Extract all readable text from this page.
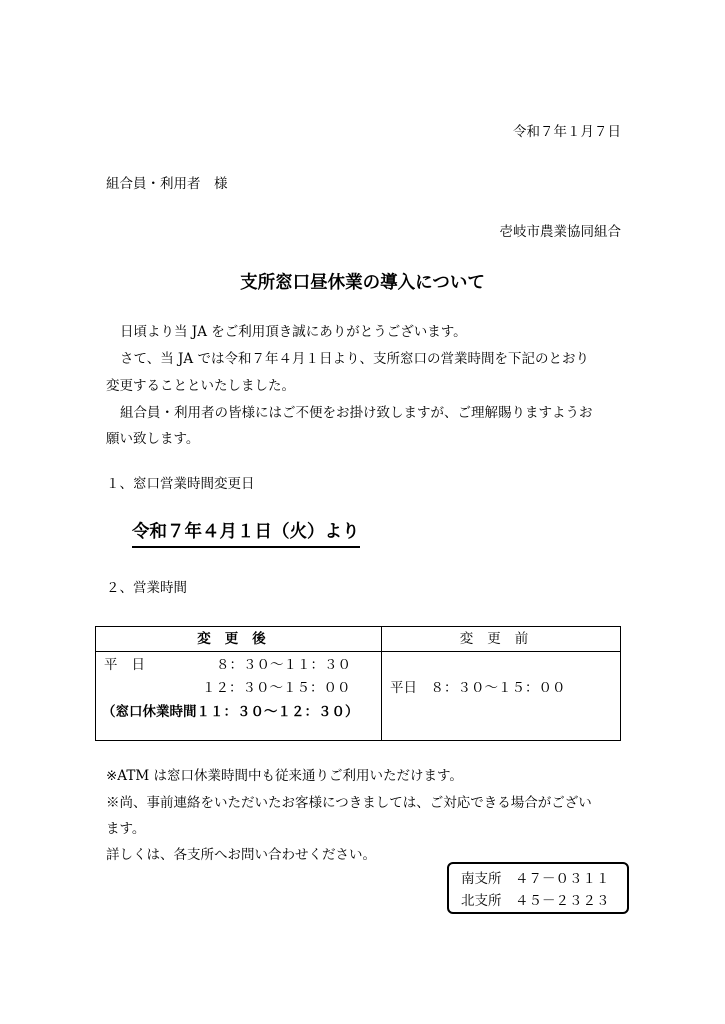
令和７年１月７日
組合員・利用者　様
壱岐市農業協同組合
支所窓口昼休業の導入について
日頃より当 JA をご利用頂き誠にありがとうございます。
さて、当 JA では令和７年４月１日より、支所窓口の営業時間を下記のとおり
変更することといたしました。
組合員・利用者の皆様にはご不便をお掛け致しますが、ご理解賜りますようお
願い致します。
１、窓口営業時間変更日
令和７年４月１日（火）より
２、営業時間
変更後	変更前
平日	８：３０～１１：３０
１２：３０～１５：００
（窓口休業時間１１：３０～１２：３０）
平日　８：３０～１５：００
※ATM は窓口休業時間中も従来通りご利用いただけます。
※尚、事前連絡をいただいたお客様につきましては、ご対応できる場合がござい
ます。
詳しくは、各支所へお問い合わせください。
南支所　４７－０３１１
北支所　４５－２３２３
